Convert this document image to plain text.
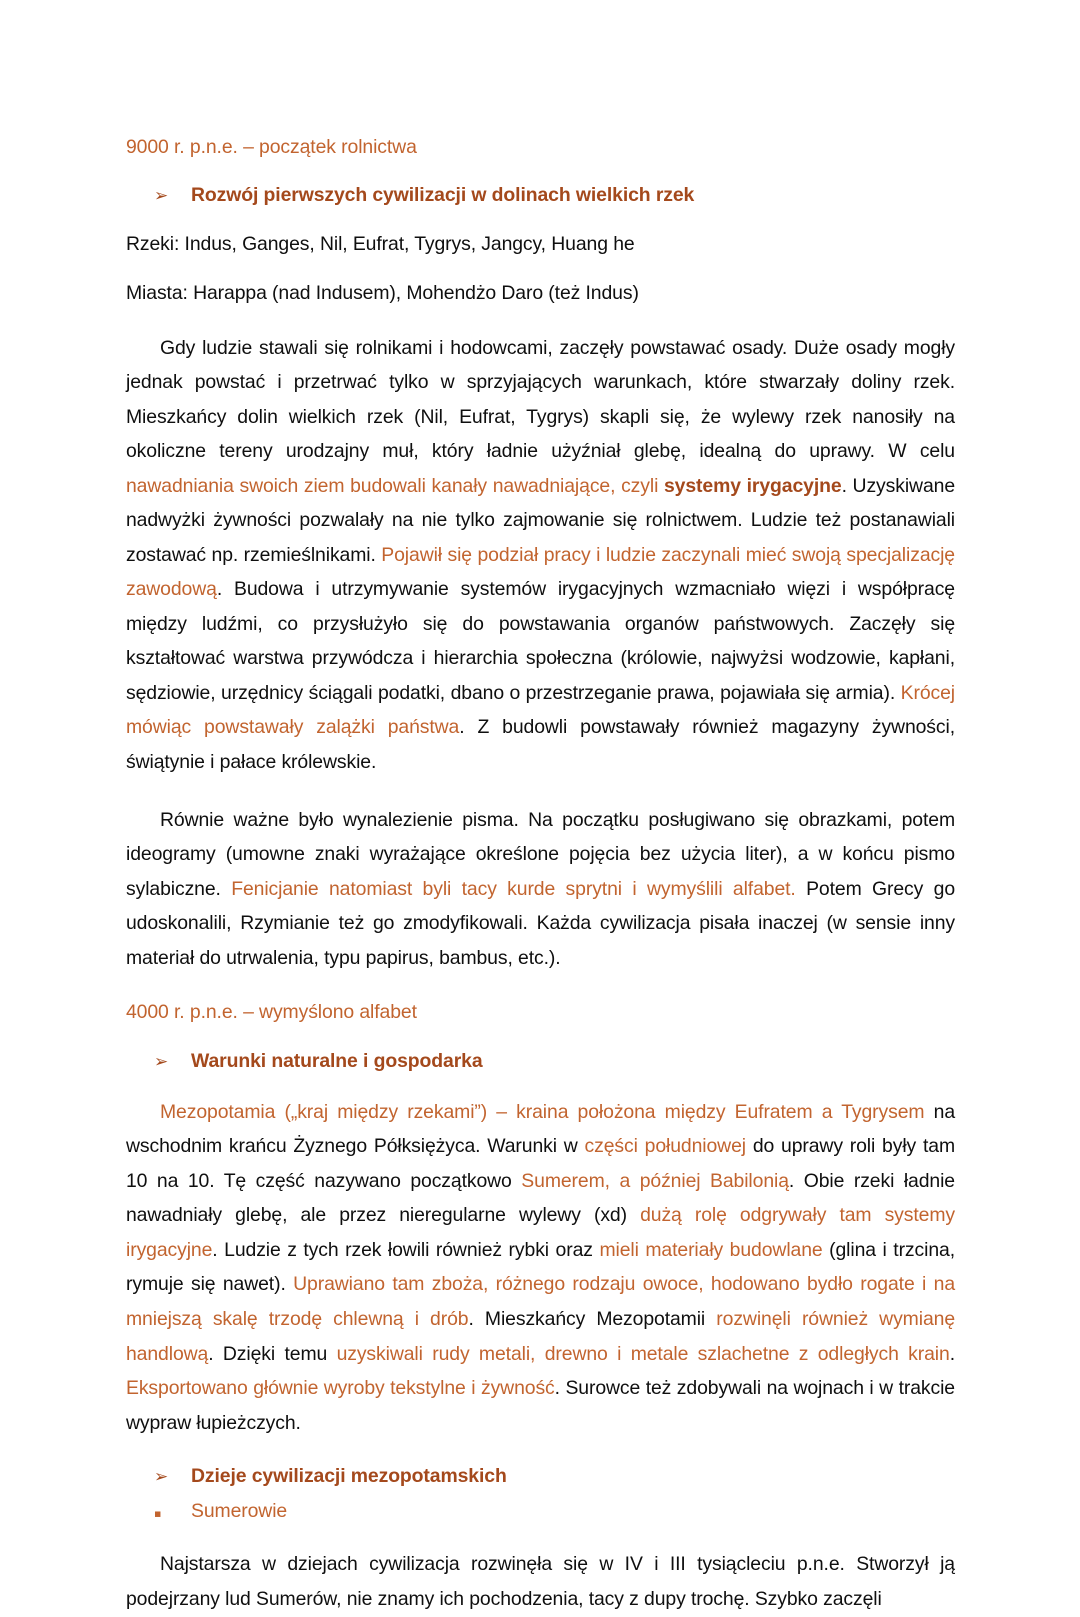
9000 r. p.n.e. – początek rolnictwa

➢	Rozwój pierwszych cywilizacji w dolinach wielkich rzek

Rzeki: Indus, Ganges, Nil, Eufrat, Tygrys, Jangcy, Huang he

Miasta: Harappa (nad Indusem), Mohendżo Daro (też Indus)

Gdy ludzie stawali się rolnikami i hodowcami, zaczęły powstawać osady. Duże osady mogły jednak powstać i przetrwać tylko w sprzyjających warunkach, które stwarzały doliny rzek. Mieszkańcy dolin wielkich rzek (Nil, Eufrat, Tygrys) skapli się, że wylewy rzek nanosiły na okoliczne tereny urodzajny muł, który ładnie użyźniał glebę, idealną do uprawy. W celu nawadniania swoich ziem budowali kanały nawadniające, czyli systemy irygacyjne. Uzyskiwane nadwyżki żywności pozwalały na nie tylko zajmowanie się rolnictwem. Ludzie też postanawiali zostawać np. rzemieślnikami. Pojawił się podział pracy i ludzie zaczynali mieć swoją specjalizację zawodową. Budowa i utrzymywanie systemów irygacyjnych wzmacniało więzi i współpracę między ludźmi, co przysłużyło się do powstawania organów państwowych. Zaczęły się kształtować warstwa przywódcza i hierarchia społeczna (królowie, najwyżsi wodzowie, kapłani, sędziowie, urzędnicy ściągali podatki, dbano o przestrzeganie prawa, pojawiała się armia). Krócej mówiąc powstawały zalążki państwa. Z budowli powstawały również magazyny żywności, świątynie i pałace królewskie.

Równie ważne było wynalezienie pisma. Na początku posługiwano się obrazkami, potem ideogramy (umowne znaki wyrażające określone pojęcia bez użycia liter), a w końcu pismo sylabiczne. Fenicjanie natomiast byli tacy kurde sprytni i wymyślili alfabet. Potem Grecy go udoskonalili, Rzymianie też go zmodyfikowali. Każda cywilizacja pisała inaczej (w sensie inny materiał do utrwalenia, typu papirus, bambus, etc.).

4000 r. p.n.e. – wymyślono alfabet

➢	Warunki naturalne i gospodarka

Mezopotamia („kraj między rzekami”) – kraina położona między Eufratem a Tygrysem na wschodnim krańcu Żyznego Półksiężyca. Warunki w części południowej do uprawy roli były tam 10 na 10. Tę część nazywano początkowo Sumerem, a później Babilonią. Obie rzeki ładnie nawadniały glebę, ale przez nieregularne wylewy (xd) dużą rolę odgrywały tam systemy irygacyjne. Ludzie z tych rzek łowili również rybki oraz mieli materiały budowlane (glina i trzcina, rymuje się nawet). Uprawiano tam zboża, różnego rodzaju owoce, hodowano bydło rogate i na mniejszą skalę trzodę chlewną i drób. Mieszkańcy Mezopotamii rozwinęli również wymianę handlową. Dzięki temu uzyskiwali rudy metali, drewno i metale szlachetne z odległych krain. Eksportowano głównie wyroby tekstylne i żywność. Surowce też zdobywali na wojnach i w trakcie wypraw łupieżczych.

➢	Dzieje cywilizacji mezopotamskich
▪	Sumerowie

Najstarsza w dziejach cywilizacja rozwinęła się w IV i III tysiącleciu p.n.e. Stworzył ją podejrzany lud Sumerów, nie znamy ich pochodzenia, tacy z dupy trochę. Szybko zaczęli
